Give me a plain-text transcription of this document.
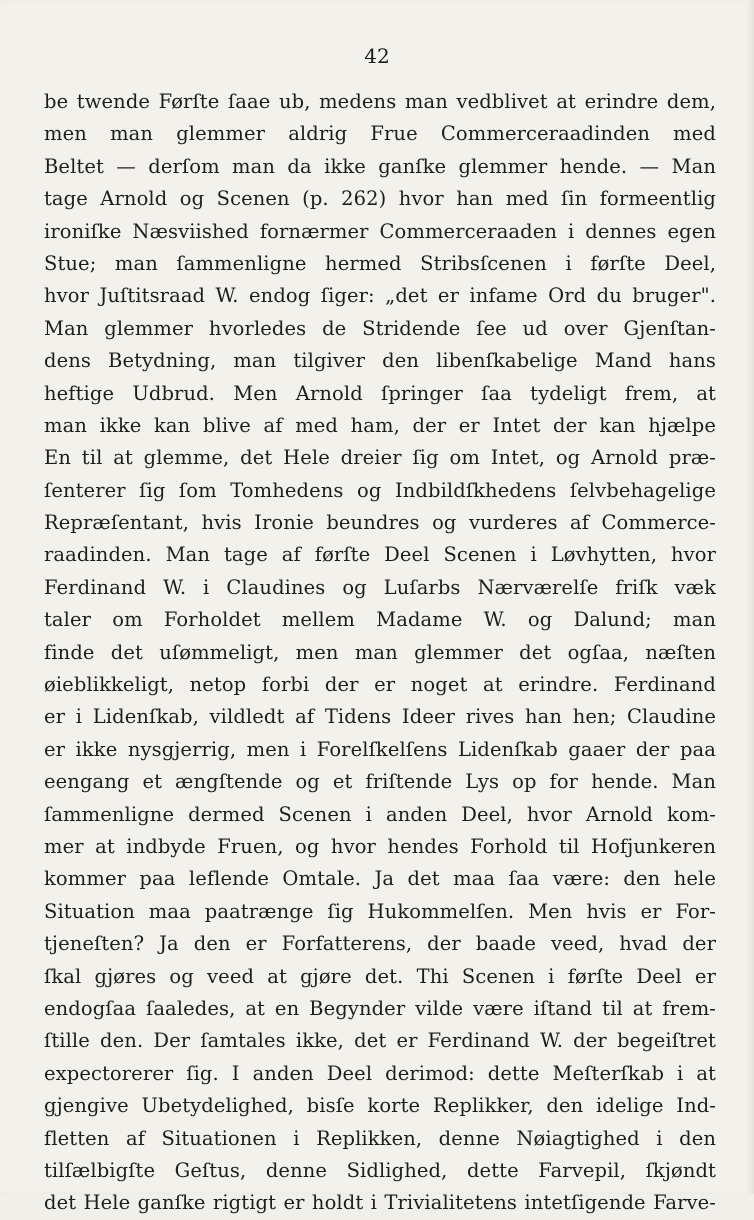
42

be twende Førſte ſaae ub, medens man vedblivet at erindre dem,
men man glemmer aldrig Frue Commerceraadinden med
Beltet — derſom man da ikke ganſke glemmer hende. — Man
tage Arnold og Scenen (p. 262) hvor han med ſin formeentlig
ironiſke Næsviished fornærmer Commerceraaden i dennes egen
Stue; man ſammenligne hermed Stribsſcenen i førſte Deel,
hvor Juſtitsraad W. endog ſiger: „det er infame Ord du bruger".
Man glemmer hvorledes de Stridende ſee ud over Gjenſtan-
dens Betydning, man tilgiver den libenſkabelige Mand hans
heftige Udbrud. Men Arnold ſpringer ſaa tydeligt frem, at
man ikke kan blive af med ham, der er Intet der kan hjælpe
En til at glemme, det Hele dreier ſig om Intet, og Arnold præ-
ſenterer ſig ſom Tomhedens og Indbildſkhedens ſelvbehagelige
Repræſentant, hvis Ironie beundres og vurderes af Commerce-
raadinden. Man tage af førſte Deel Scenen i Løvhytten, hvor
Ferdinand W. i Claudines og Luſarbs Nærværelſe friſk væk
taler om Forholdet mellem Madame W. og Dalund; man
finde det uſømmeligt, men man glemmer det ogſaa, næſten
øieblikkeligt, netop forbi der er noget at erindre. Ferdinand
er i Lidenſkab, vildledt af Tidens Ideer rives han hen; Claudine
er ikke nysgjerrig, men i Forelſkelſens Lidenſkab gaaer der paa
eengang et ængſtende og et friſtende Lys op for hende. Man
ſammenligne dermed Scenen i anden Deel, hvor Arnold kom-
mer at indbyde Fruen, og hvor hendes Forhold til Hofjunkeren
kommer paa leflende Omtale. Ja det maa ſaa være: den hele
Situation maa paatrænge ſig Hukommelſen. Men hvis er For-
tjeneſten? Ja den er Forfatterens, der baade veed, hvad der
ſkal gjøres og veed at gjøre det. Thi Scenen i førſte Deel er
endogſaa ſaaledes, at en Begynder vilde være iſtand til at frem-
ſtille den. Der ſamtales ikke, det er Ferdinand W. der begeiſtret
expectorerer ſig. I anden Deel derimod: dette Meſterſkab i at
gjengive Ubetydelighed, bisſe korte Replikker, den idelige Ind-
fletten af Situationen i Replikken, denne Nøiagtighed i den
tilſælbigſte Geſtus, denne Sidlighed, dette Farvepil, ſkjøndt
det Hele ganſke rigtigt er holdt i Trivialitetens intetſigende Farve-
